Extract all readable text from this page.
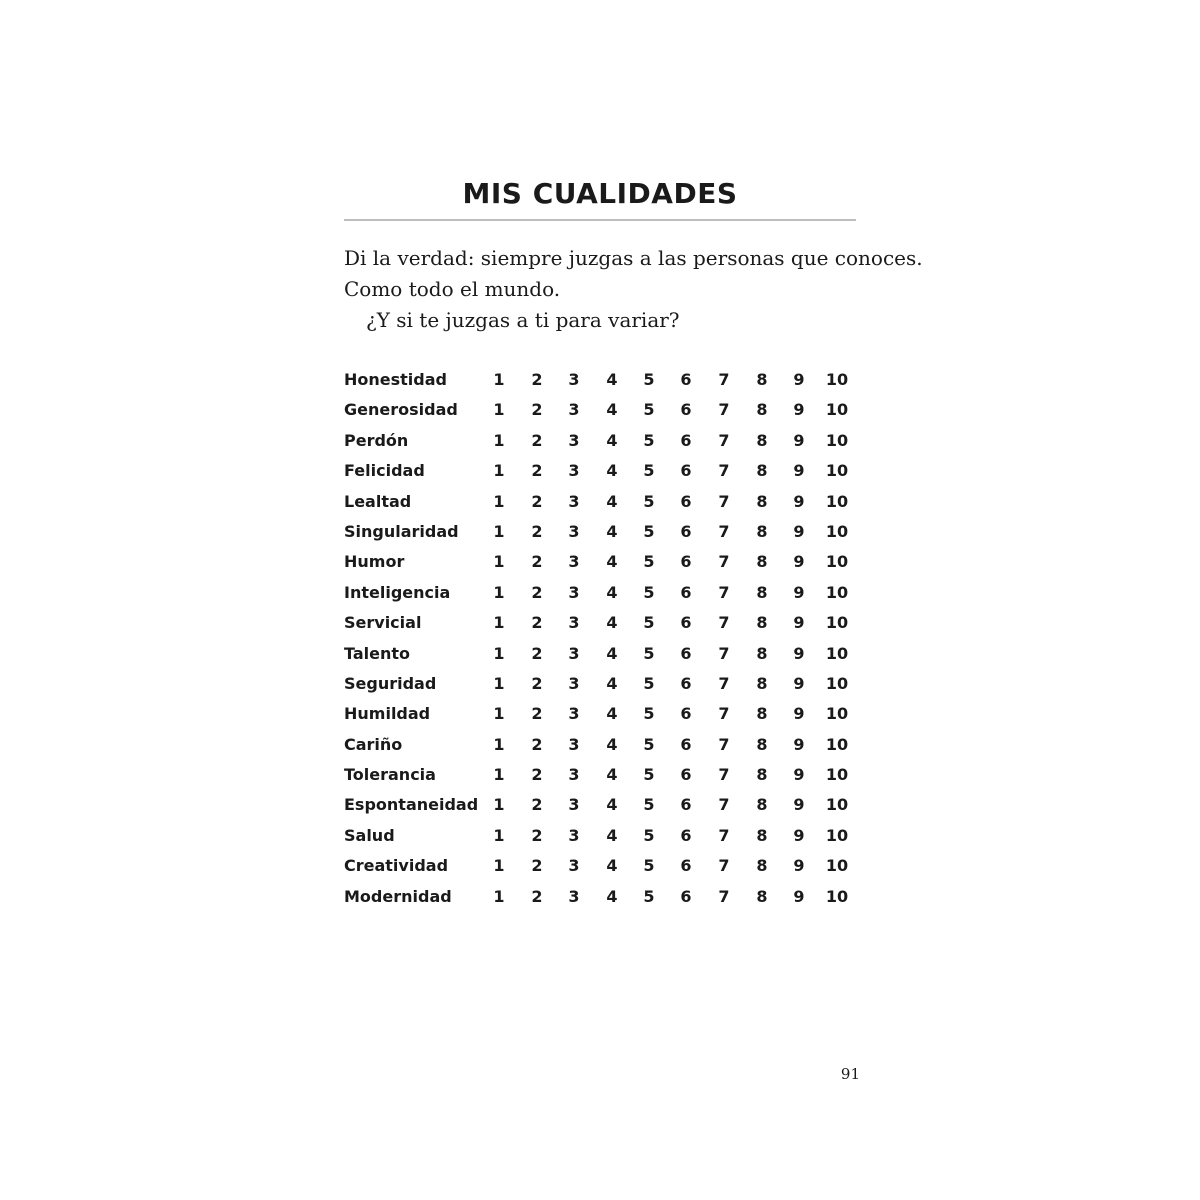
MIS CUALIDADES

Di la verdad: siempre juzgas a las personas que conoces.

Como todo el mundo.

¿Y si te juzgas a ti para variar?

Honestidad	1	2	3	4	5	6	7	8	9	10
Generosidad	1	2	3	4	5	6	7	8	9	10
Perdón	1	2	3	4	5	6	7	8	9	10
Felicidad	1	2	3	4	5	6	7	8	9	10
Lealtad	1	2	3	4	5	6	7	8	9	10
Singularidad	1	2	3	4	5	6	7	8	9	10
Humor	1	2	3	4	5	6	7	8	9	10
Inteligencia	1	2	3	4	5	6	7	8	9	10
Servicial	1	2	3	4	5	6	7	8	9	10
Talento	1	2	3	4	5	6	7	8	9	10
Seguridad	1	2	3	4	5	6	7	8	9	10
Humildad	1	2	3	4	5	6	7	8	9	10
Cariño	1	2	3	4	5	6	7	8	9	10
Tolerancia	1	2	3	4	5	6	7	8	9	10
Espontaneidad 1	2	3	4	5	6	7	8	9	10
Salud	1	2	3	4	5	6	7	8	9	10
Creatividad	1	2	3	4	5	6	7	8	9	10
Modernidad	1	2	3	4	5	6	7	8	9	10
91
